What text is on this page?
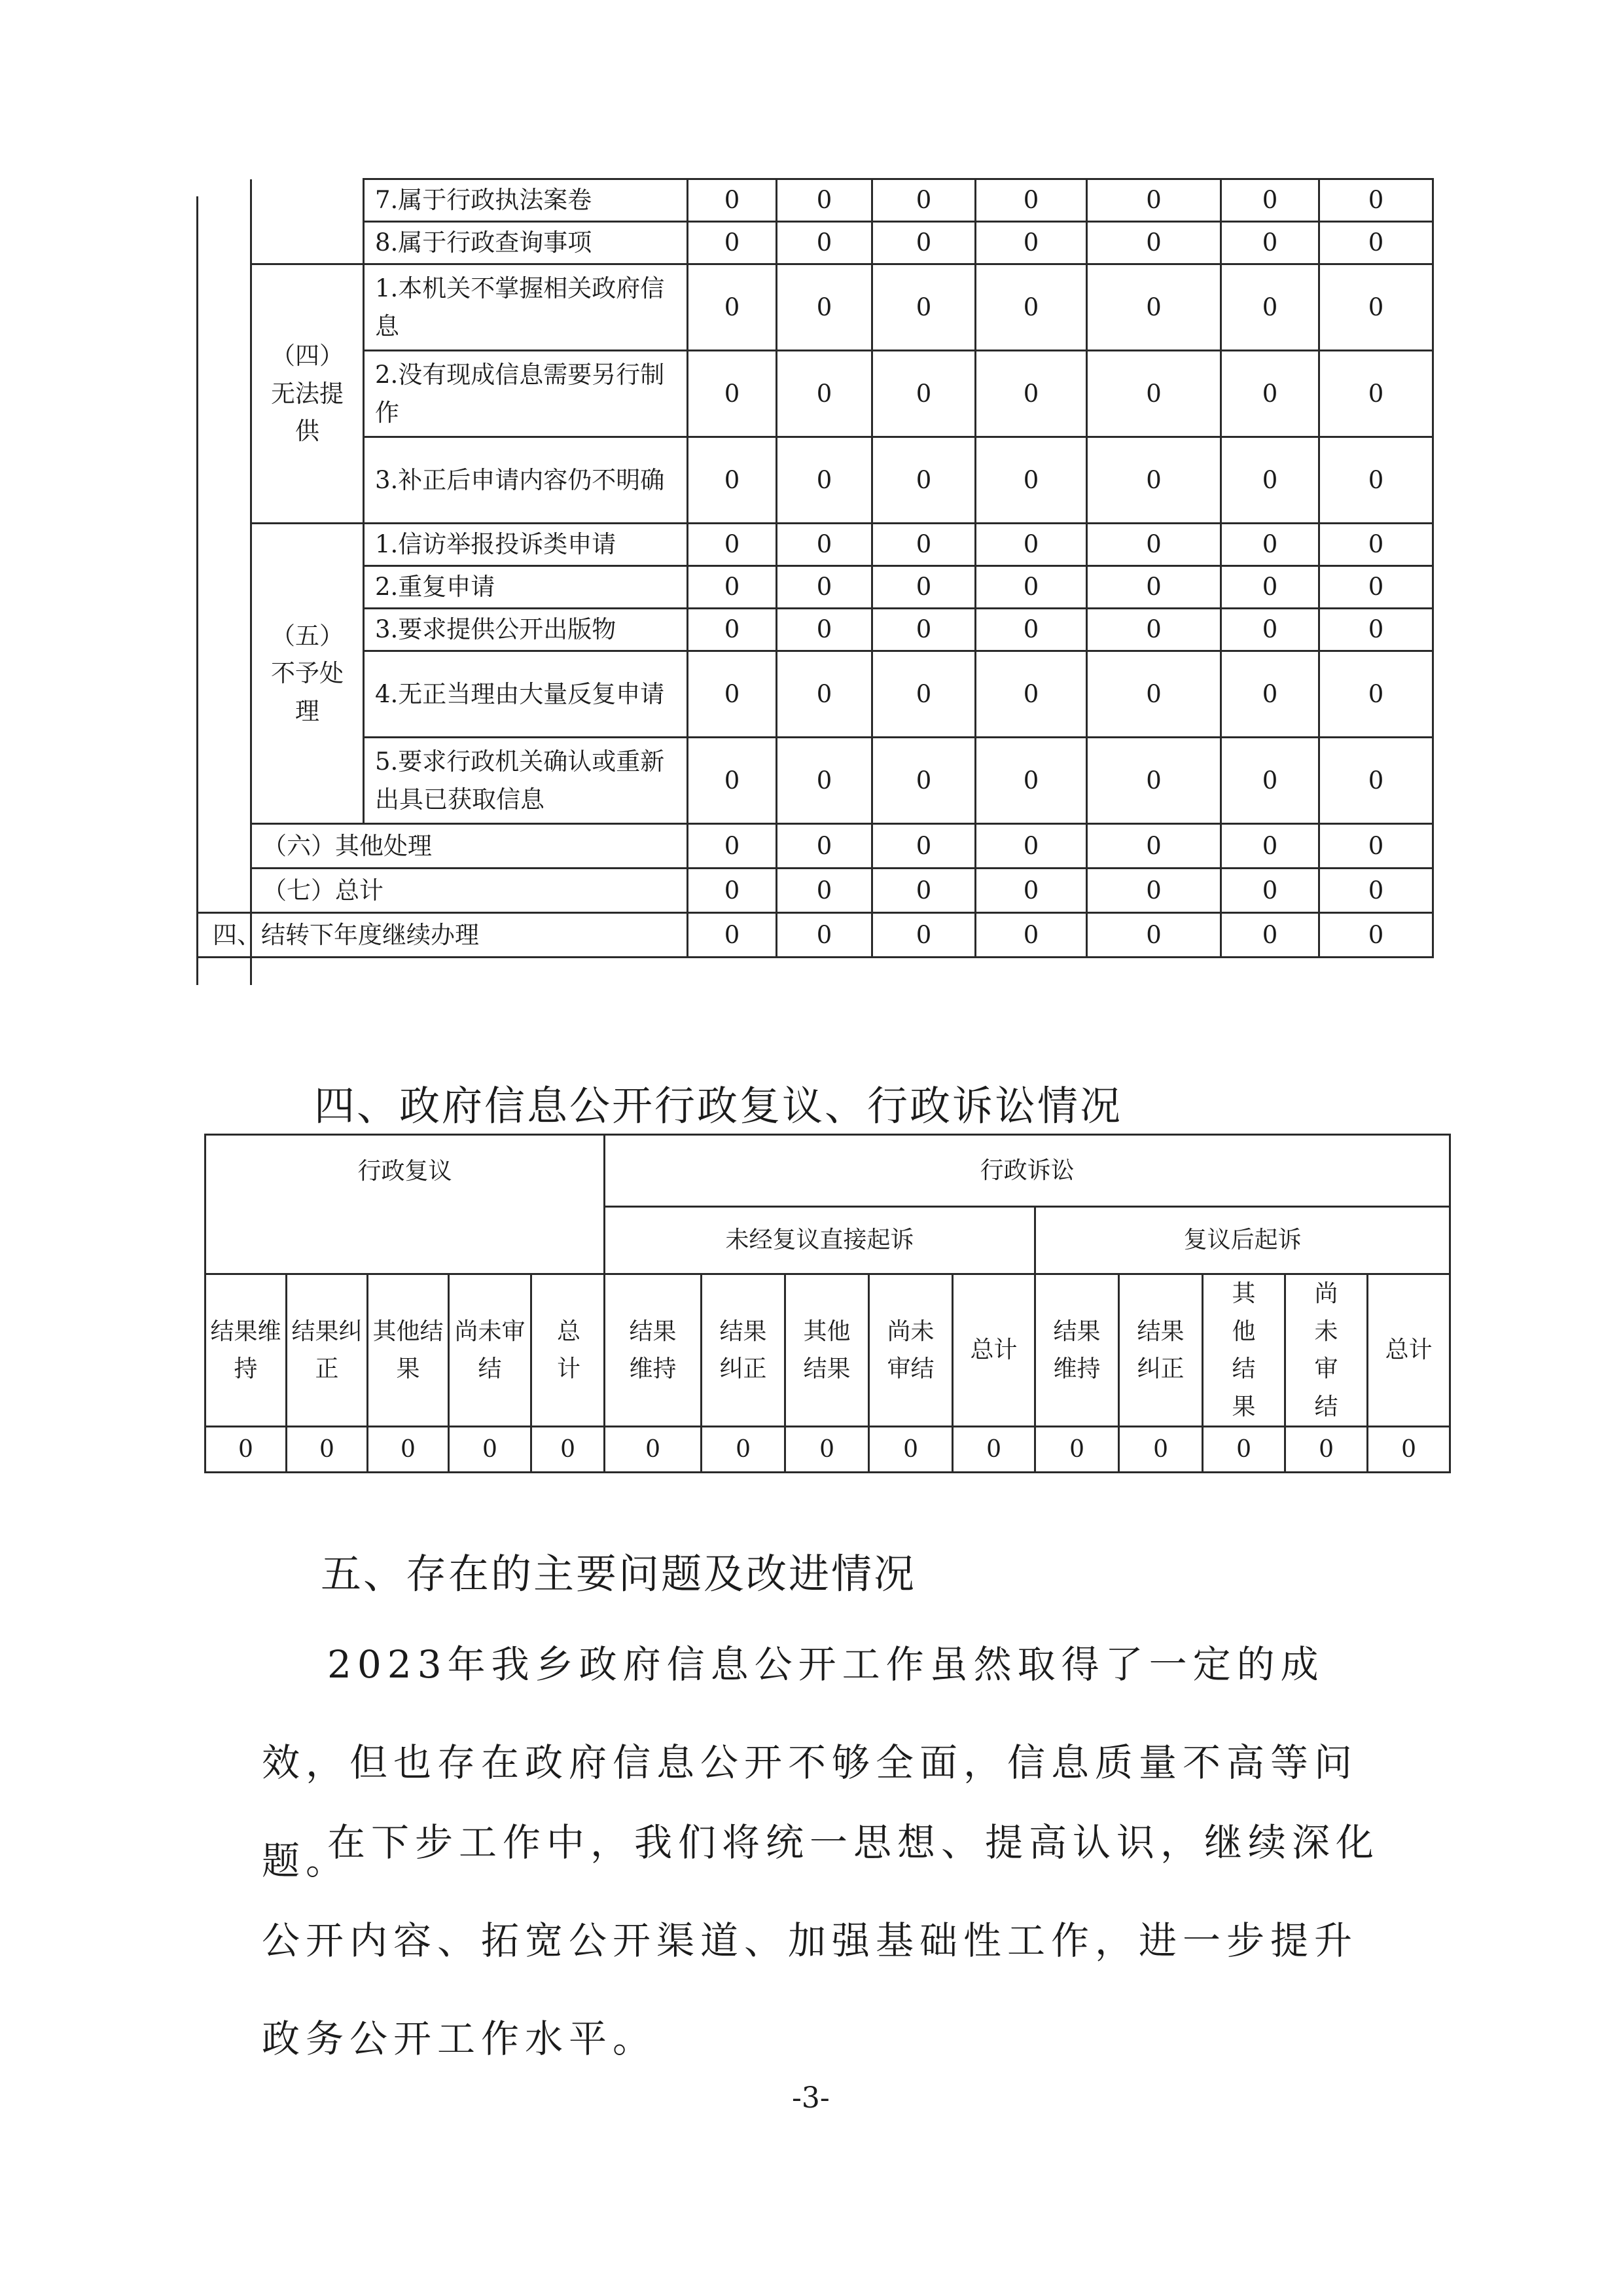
		7.属于行政执法案卷	0	0	0	0	0	0	0
		8.属于行政查询事项	0	0	0	0	0	0	0
	（四）无法提供	1.本机关不掌握相关政府信息	0	0	0	0	0	0	0
		2.没有现成信息需要另行制作	0	0	0	0	0	0	0
		3.补正后申请内容仍不明确	0	0	0	0	0	0	0
	（五）不予处理	1.信访举报投诉类申请	0	0	0	0	0	0	0
		2.重复申请	0	0	0	0	0	0	0
		3.要求提供公开出版物	0	0	0	0	0	0	0
		4.无正当理由大量反复申请	0	0	0	0	0	0	0
		5.要求行政机关确认或重新出具已获取信息	0	0	0	0	0	0	0
	（六）其他处理		0	0	0	0	0	0	0
	（七）总计		0	0	0	0	0	0	0
四、结转下年度继续办理			0	0	0	0	0	0	0
四、政府信息公开行政复议、行政诉讼情况
行政复议					行政诉讼									
					未经复议直接起诉					复议后起诉				
结果维持	结果纠正	其他结果	尚未审结	总计	结果维持	结果纠正	其他结果	尚未审结	总计	结果维持	结果纠正	其他结果	尚未审结	总计
0	0	0	0	0	0	0	0	0	0	0	0	0	0	0
五、存在的主要问题及改进情况
2023年我乡政府信息公开工作虽然取得了一定的成效，但也存在政府信息公开不够全面，信息质量不高等问题。
在下步工作中，我们将统一思想、提高认识，继续深化公开内容、拓宽公开渠道、加强基础性工作，进一步提升政务公开工作水平。
-3-
